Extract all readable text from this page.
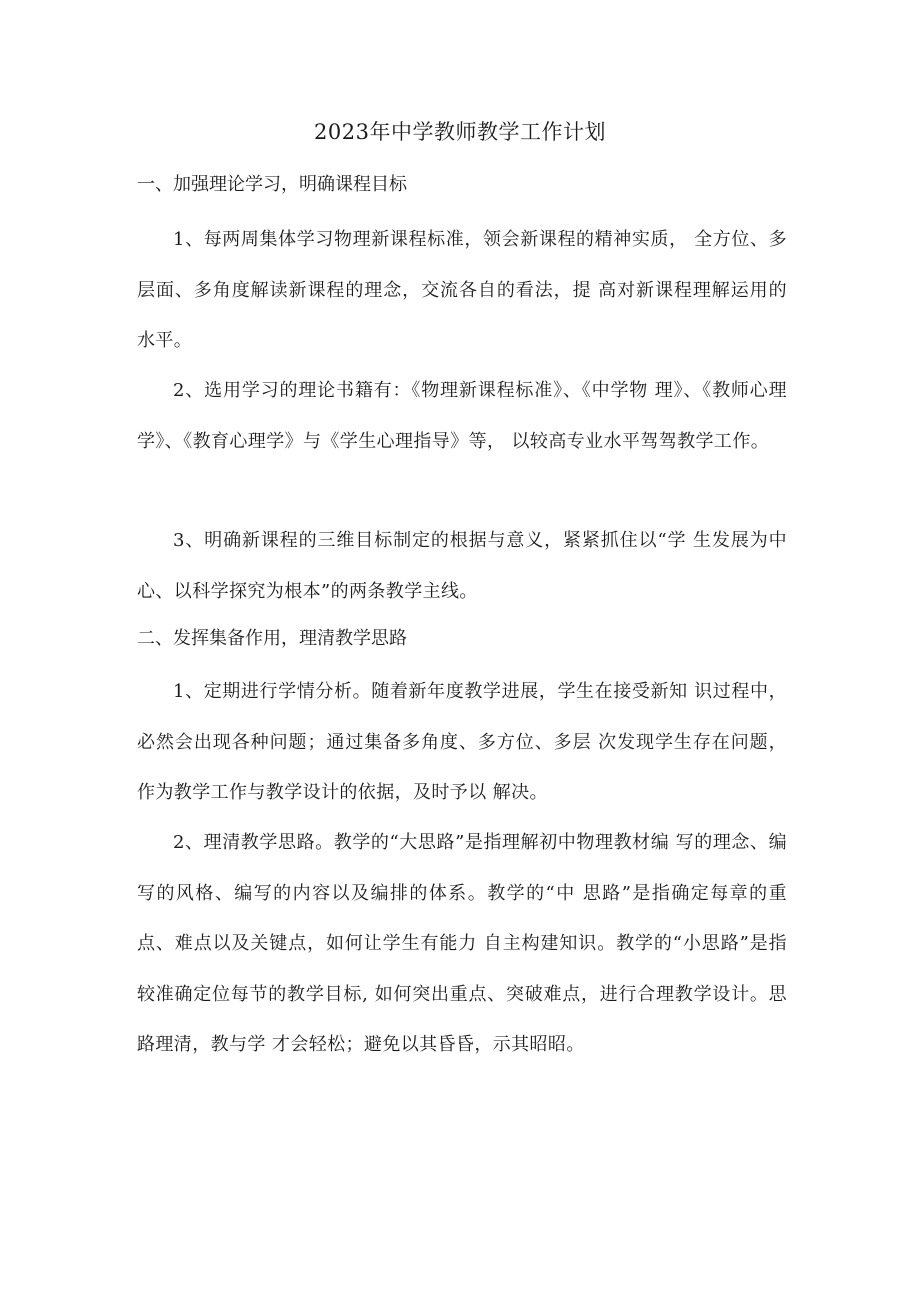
2023年中学教师教学工作计划
一、加强理论学习，明确课程目标
1、每两周集体学习物理新课程标准，领会新课程的精神实质， 全方位、多层面、多角度解读新课程的理念，交流各自的看法，提 高对新课程理解运用的水平。
2、选用学习的理论书籍有：《物理新课程标准》、《中学物 理》、《教师心理学》、《教育心理学》与《学生心理指导》等， 以较高专业水平驾驾教学工作。
3、明确新课程的三维目标制定的根据与意义，紧紧抓住以“学 生发展为中心、以科学探究为根本”的两条教学主线。
二、发挥集备作用，理清教学思路
1、定期进行学情分析。随着新年度教学进展，学生在接受新知 识过程中，必然会出现各种问题；通过集备多角度、多方位、多层 次发现学生存在问题，作为教学工作与教学设计的依据，及时予以 解决。
2、理清教学思路。教学的“大思路”是指理解初中物理教材编 写的理念、编写的风格、编写的内容以及编排的体系。教学的“中 思路”是指确定每章的重点、难点以及关键点，如何让学生有能力 自主构建知识。教学的“小思路”是指较准确定位每节的教学目标, 如何突出重点、突破难点，进行合理教学设计。思路理清，教与学 才会轻松；避免以其昏昏，示其昭昭。
